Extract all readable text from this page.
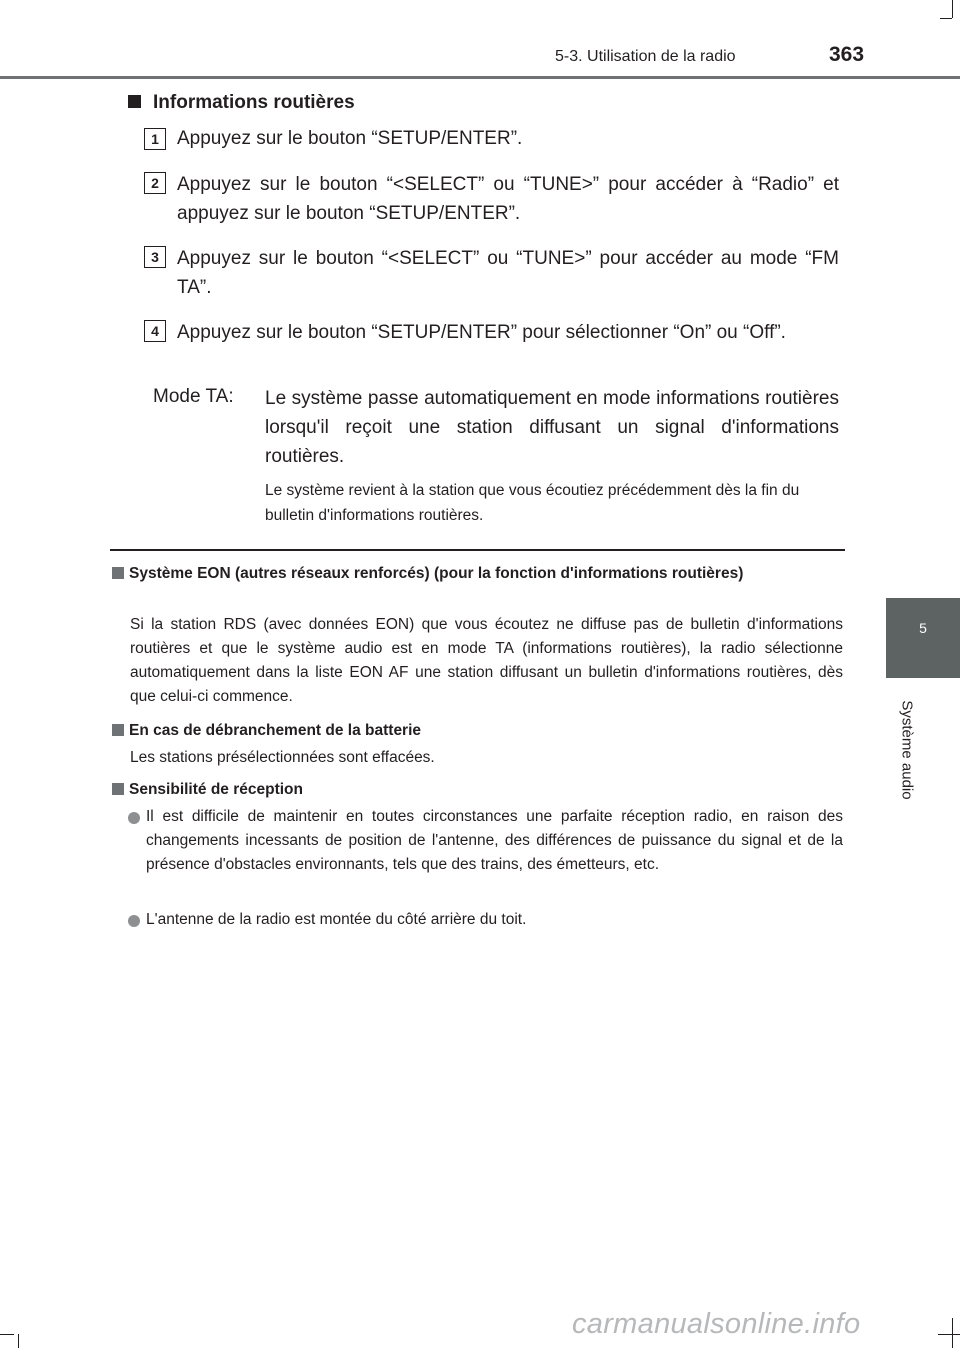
5-3. Utilisation de la radio	363
5
Système audio
Informations routières
1 Appuyez sur le bouton “SETUP/ENTER”.
2 Appuyez sur le bouton “<SELECT” ou “TUNE>” pour accéder à “Radio” et appuyez sur le bouton “SETUP/ENTER”.
3 Appuyez sur le bouton “<SELECT” ou “TUNE>” pour accéder au mode “FM TA”.
4 Appuyez sur le bouton “SETUP/ENTER” pour sélectionner “On” ou “Off”.
Mode TA: Le système passe automatiquement en mode informations routières lorsqu'il reçoit une station diffusant un signal d'informations routières.
Le système revient à la station que vous écoutiez précédemment dès la fin du bulletin d'informations routières.
Système EON (autres réseaux renforcés) (pour la fonction d'informations routières)
Si la station RDS (avec données EON) que vous écoutez ne diffuse pas de bulletin d'informations routières et que le système audio est en mode TA (informations routières), la radio sélectionne automatiquement dans la liste EON AF une station diffusant un bulletin d'informations routières, dès que celui-ci commence.
En cas de débranchement de la batterie
Les stations présélectionnées sont effacées.
Sensibilité de réception
Il est difficile de maintenir en toutes circonstances une parfaite réception radio, en raison des changements incessants de position de l'antenne, des différences de puissance du signal et de la présence d'obstacles environnants, tels que des trains, des émetteurs, etc.
L'antenne de la radio est montée du côté arrière du toit.
carmanualsonline.info
